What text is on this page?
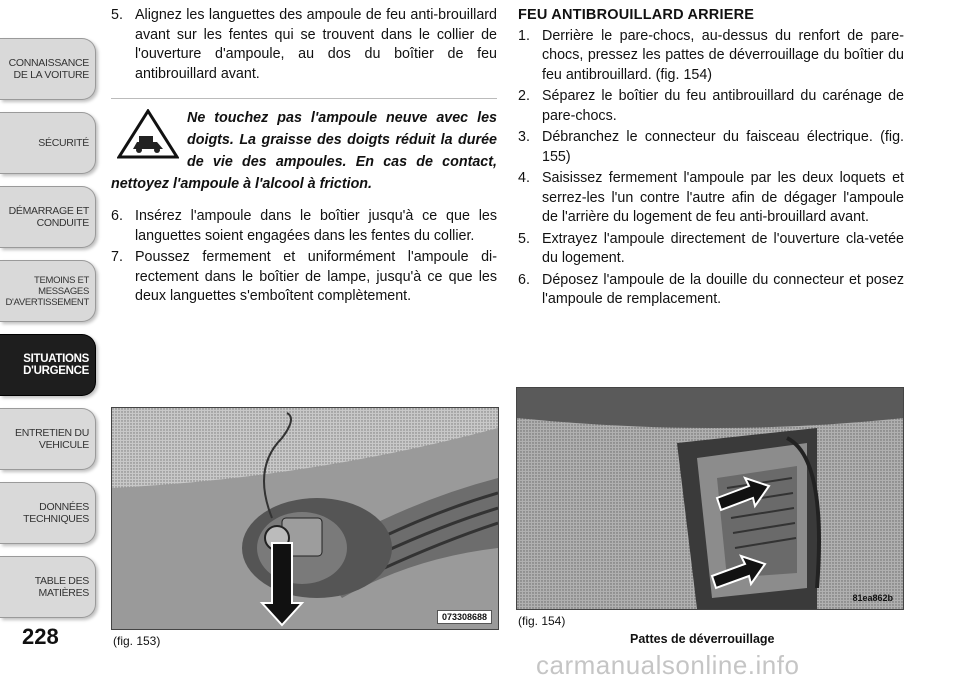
CONNAISSANCE DE LA VOITURE
SÉCURITÉ
DÉMARRAGE ET CONDUITE
TEMOINS ET MESSAGES D'AVERTISSEMENT
SITUATIONS D'URGENCE
ENTRETIEN DU VEHICULE
DONNÉES TECHNIQUES
TABLE DES MATIÈRES
228
5. Alignez les languettes des ampoule de feu anti-brouillard avant sur les fentes qui se trouvent dans le collier de l'ouverture d'ampoule, au dos du boîtier de feu antibrouillard avant.
Ne touchez pas l'ampoule neuve avec les doigts. La graisse des doigts réduit la durée de vie des ampoules. En cas de contact, nettoyez l'ampoule à l'alcool à friction.
6. Insérez l'ampoule dans le boîtier jusqu'à ce que les languettes soient engagées dans les fentes du collier.
7. Poussez fermement et uniformément l'ampoule di-rectement dans le boîtier de lampe, jusqu'à ce que les deux languettes s'emboîtent complètement.
FEU ANTIBROUILLARD ARRIERE
1. Derrière le pare-chocs, au-dessus du renfort de pare-chocs, pressez les pattes de déverrouillage du boîtier du feu antibrouillard. (fig. 154)
2. Séparez le boîtier du feu antibrouillard du carénage de pare-chocs.
3. Débranchez le connecteur du faisceau électrique. (fig. 155)
4. Saisissez fermement l'ampoule par les deux loquets et serrez-les l'un contre l'autre afin de dégager l'ampoule de l'arrière du logement de feu anti-brouillard avant.
5. Extrayez l'ampoule directement de l'ouverture cla-vetée du logement.
6. Déposez l'ampoule de la douille du connecteur et posez l'ampoule de remplacement.
073308688
(fig. 153)
81ea862b
(fig. 154)
Pattes de déverrouillage
carmanualsonline.info
